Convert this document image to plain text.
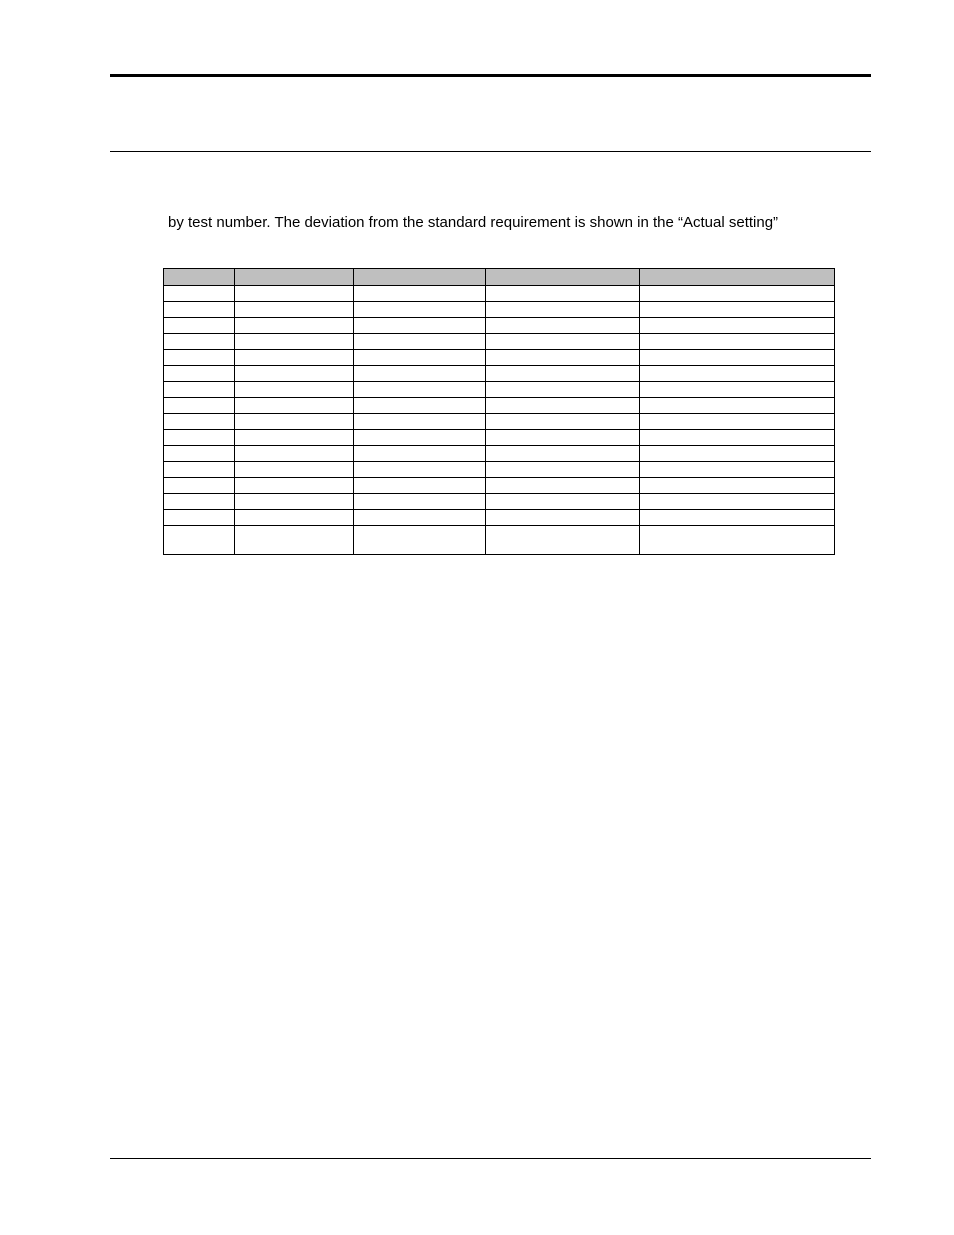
by test number. The deviation from the standard requirement is shown in the “Actual setting”
